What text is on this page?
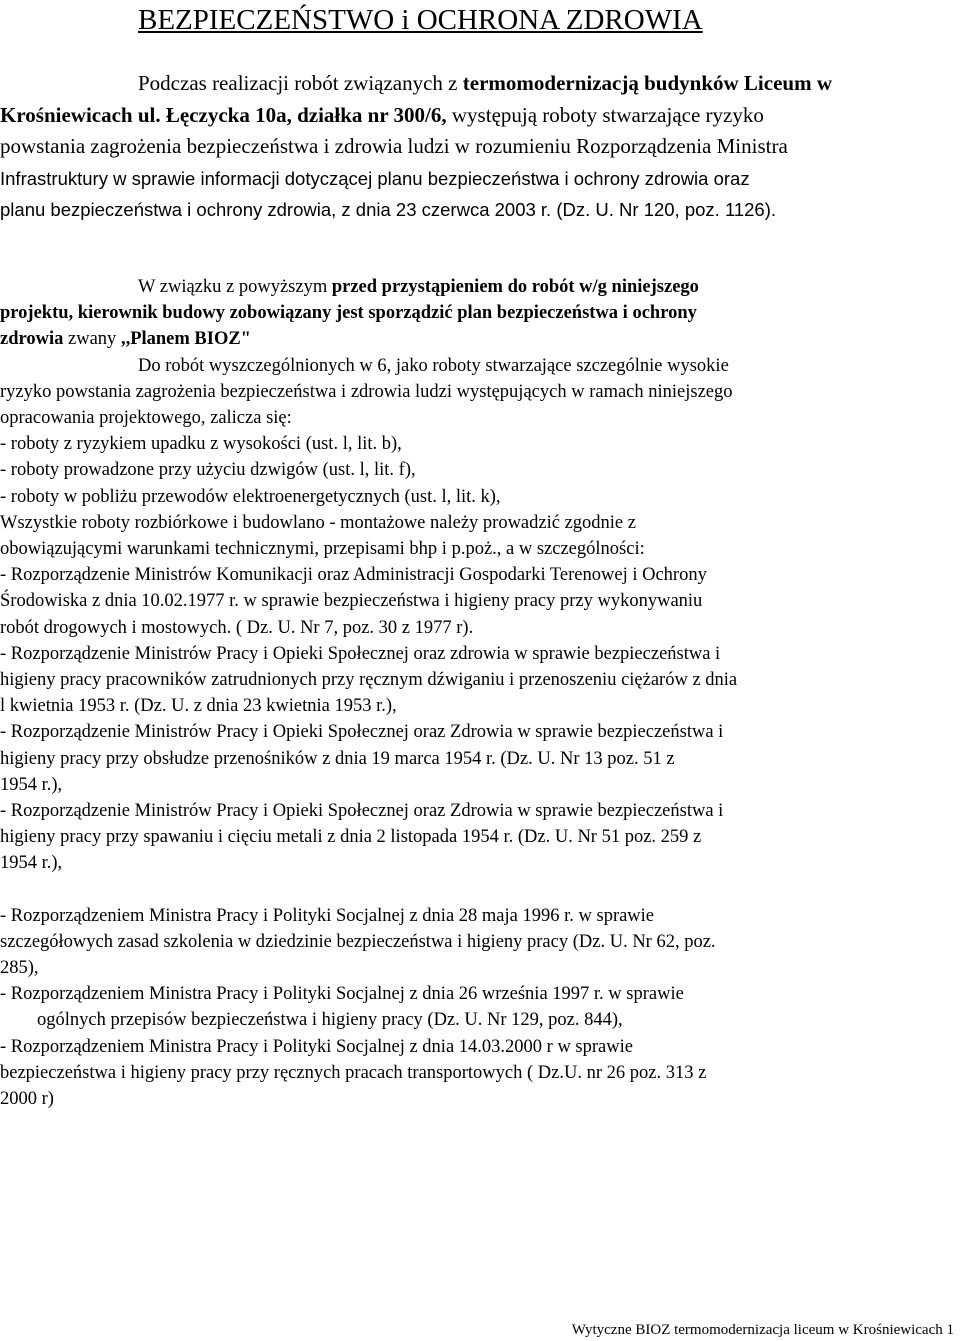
BEZPIECZEŃSTWO i OCHRONA ZDROWIA
Podczas realizacji robót związanych z termomodernizacją budynków Liceum w
Krośniewicach ul. Łęczycka 10a, działka nr 300/6, występują roboty stwarzające ryzyko
powstania zagrożenia bezpieczeństwa i zdrowia ludzi w rozumieniu Rozporządzenia Ministra
Infrastruktury w sprawie informacji dotyczącej planu bezpieczeństwa i ochrony zdrowia oraz
planu bezpieczeństwa i ochrony zdrowia, z dnia 23 czerwca 2003 r. (Dz. U. Nr 120, poz. 1126).
W związku z powyższym przed przystąpieniem do robót w/g niniejszego
projektu, kierownik budowy zobowiązany jest sporządzić plan bezpieczeństwa i ochrony
zdrowia zwany ,,Planem BIOZ"
Do robót wyszczególnionych w 6, jako roboty stwarzające szczególnie wysokie
ryzyko powstania zagrożenia bezpieczeństwa i zdrowia ludzi występujących w ramach niniejszego
opracowania projektowego, zalicza się:
- roboty z ryzykiem upadku z wysokości (ust. l, lit. b),
- roboty prowadzone przy użyciu dzwigów (ust. l, lit. f),
- roboty w pobliżu przewodów elektroenergetycznych (ust. l, lit. k),
Wszystkie roboty rozbiórkowe i budowlano - montażowe należy prowadzić zgodnie z
obowiązującymi warunkami technicznymi, przepisami bhp i p.poż., a w szczególności:
- Rozporządzenie Ministrów Komunikacji oraz Administracji Gospodarki Terenowej i Ochrony
Środowiska z dnia 10.02.1977 r. w sprawie bezpieczeństwa i higieny pracy przy wykonywaniu
robót drogowych i mostowych. ( Dz. U. Nr 7, poz. 30 z 1977 r).
- Rozporządzenie Ministrów Pracy i Opieki Społecznej oraz zdrowia w sprawie bezpieczeństwa i
higieny pracy pracowników zatrudnionych przy ręcznym dźwiganiu i przenoszeniu ciężarów z dnia
l kwietnia 1953 r. (Dz. U. z dnia 23 kwietnia 1953 r.),
- Rozporządzenie Ministrów Pracy i Opieki Społecznej oraz Zdrowia w sprawie bezpieczeństwa i
higieny pracy przy obsłudze przenośników z dnia 19 marca 1954 r. (Dz. U. Nr 13 poz. 51 z
1954 r.),
- Rozporządzenie Ministrów Pracy i Opieki Społecznej oraz Zdrowia w sprawie bezpieczeństwa i
higieny pracy przy spawaniu i cięciu metali z dnia 2 listopada 1954 r. (Dz. U. Nr 51 poz. 259 z
1954 r.),
- Rozporządzeniem Ministra Pracy i Polityki Socjalnej z dnia 28 maja 1996 r. w sprawie
szczegółowych zasad szkolenia w dziedzinie bezpieczeństwa i higieny pracy (Dz. U. Nr 62, poz.
285),
- Rozporządzeniem Ministra Pracy i Polityki Socjalnej z dnia 26 września 1997 r. w sprawie
ogólnych przepisów bezpieczeństwa i higieny pracy (Dz. U. Nr 129, poz. 844),
- Rozporządzeniem Ministra Pracy i Polityki Socjalnej z dnia 14.03.2000 r w sprawie
bezpieczeństwa i higieny pracy przy ręcznych pracach transportowych ( Dz.U. nr 26 poz. 313 z
2000 r)
Wytyczne BIOZ termomodernizacja liceum w Krośniewicach 1
